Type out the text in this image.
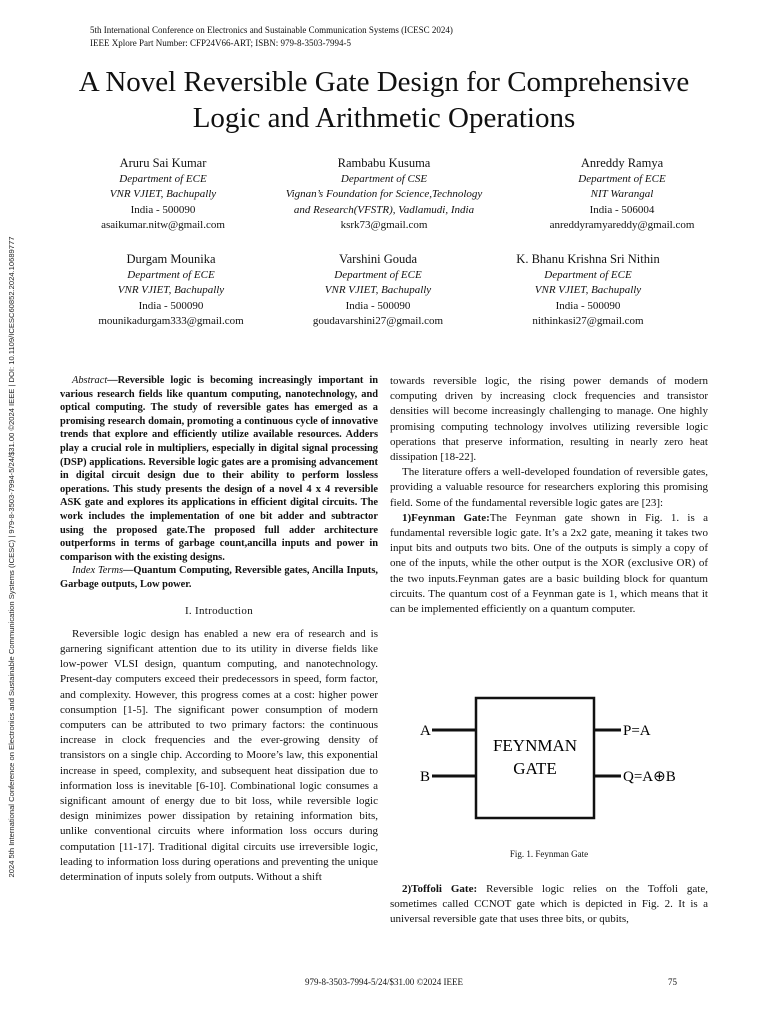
5th International Conference on Electronics and Sustainable Communication Systems (ICESC 2024)
IEEE Xplore Part Number: CFP24V66-ART; ISBN: 979-8-3503-7994-5
2024 5th International Conference on Electronics and Sustainable Communication Systems (ICESC) | 979-8-3503-7994-5/24/$31.00 ©2024 IEEE | DOI: 10.1109/ICESC60852.2024.10689777
A Novel Reversible Gate Design for Comprehensive
Logic and Arithmetic Operations
Aruru Sai Kumar
Department of ECE
VNR VJIET, Bachupally
India - 500090
asaikumar.nitw@gmail.com
Rambabu Kusuma
Department of CSE
Vignan’s Foundation for Science,Technology
and Research(VFSTR), Vadlamudi, India
ksrk73@gmail.com
Anreddy Ramya
Department of ECE
NIT Warangal
India - 506004
anreddyramyareddy@gmail.com
Durgam Mounika
Department of ECE
VNR VJIET, Bachupally
India - 500090
mounikadurgam333@gmail.com
Varshini Gouda
Department of ECE
VNR VJIET, Bachupally
India - 500090
goudavarshini27@gmail.com
K. Bhanu Krishna Sri Nithin
Department of ECE
VNR VJIET, Bachupally
India - 500090
nithinkasi27@gmail.com

Abstract—Reversible logic is becoming increasingly important in various research fields like quantum computing, nanotechnology, and optical computing. The study of reversible gates has emerged as a promising research domain, promoting a continuous cycle of innovative trends that explore and efficiently utilize available resources. Adders play a crucial role in multipliers, especially in digital signal processing (DSP) applications. Reversible logic gates are a promising advancement in digital circuit design due to their ability to perform lossless operations. This study presents the design of a novel 4 x 4 reversible ASK gate and explores its applications in efficient digital circuits. The work includes the implementation of one bit adder and subtractor using the proposed gate.The proposed full adder architecture outperforms in terms of garbage count,ancilla inputs and power in comparison with the existing designs.

Index Terms—Quantum Computing, Reversible gates, Ancilla Inputs, Garbage outputs, Low power.

I. Introduction

Reversible logic design has enabled a new era of research and is garnering significant attention due to its utility in diverse fields like low-power VLSI design, quantum computing, and nanotechnology. Present-day computers exceed their predecessors in speed, form factor, and complexity. However, this progress comes at a cost: higher power consumption [1-5]. The significant power consumption of modern computers can be attributed to two primary factors: the continuous increase in clock frequencies and the ever-growing density of transistors on a single chip. According to Moore’s law, this exponential increase in speed, complexity, and subsequent heat dissipation due to information loss is inevitable [6-10]. Combinational logic consumes a significant amount of energy due to bit loss, while reversible logic design minimizes power dissipation by retaining information bits, unlike conventional circuits where information loss occurs during computation [11-17]. Traditional digital circuits use irreversible logic, leading to information loss during operations and preventing the unique determination of inputs solely from outputs. Without a shift

towards reversible logic, the rising power demands of modern computing driven by increasing clock frequencies and transistor densities will become increasingly challenging to manage. One highly promising computing technology involves utilizing reversible logic operations that preserve information, resulting in nearly zero heat dissipation [18-22].

The literature offers a well-developed foundation of reversible gates, providing a valuable resource for researchers exploring this promising field. Some of the fundamental reversible logic gates are [23]:

1)Feynman Gate:The Feynman gate shown in Fig. 1. is a fundamental reversible logic gate. It’s a 2x2 gate, meaning it takes two input bits and outputs two bits. One of the outputs is simply a copy of one of the inputs, while the other output is the XOR (exclusive OR) of the two inputs.Feynman gates are a basic building block for quantum circuits. The quantum cost of a Feynman gate is 1, which means that it can be implemented efficiently on a quantum computer.

A
B
FEYNMAN
GATE
P=A
Q=A⊕B
Fig. 1. Feynman Gate

2)Toffoli Gate: Reversible logic relies on the Toffoli gate, sometimes called CCNOT gate which is depicted in Fig. 2. It is a universal reversible gate that uses three bits, or qubits,

979-8-3503-7994-5/24/$31.00 ©2024 IEEE	75
